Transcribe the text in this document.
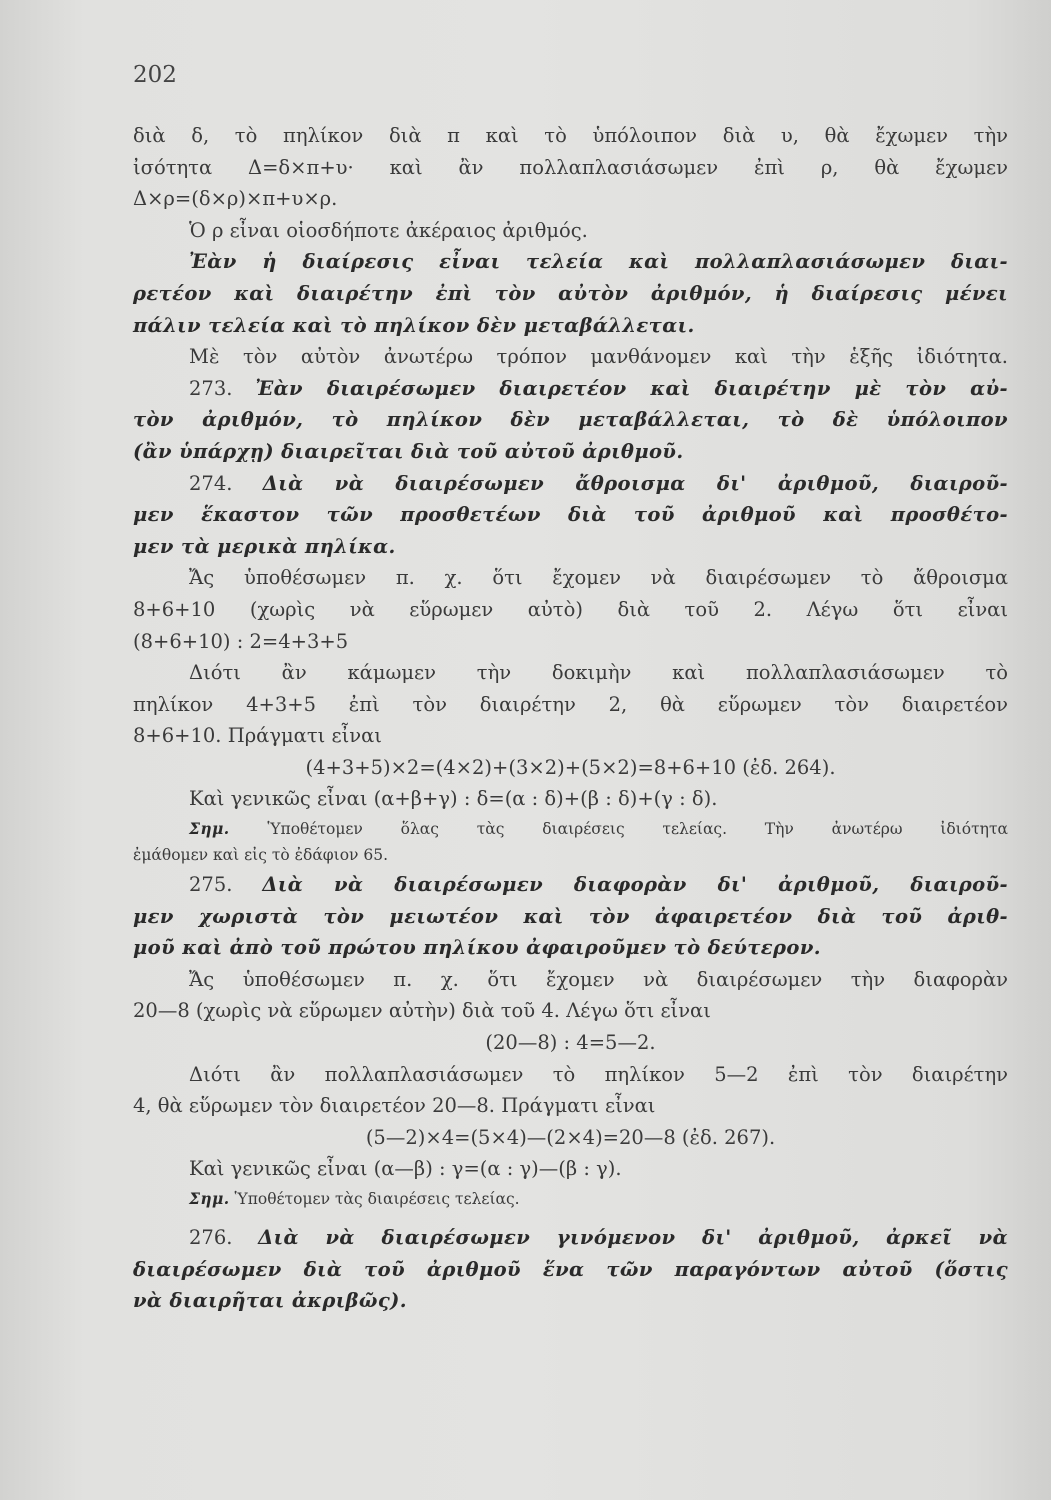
202
διὰ δ, τὸ πηλίκον διὰ π καὶ τὸ ὑπόλοιπον διὰ υ, θὰ ἔχωμεν τὴν
ἰσότητα Δ=δ×π+υ· καὶ ἂν πολλαπλασιάσωμεν ἐπὶ ρ, θὰ ἔχωμεν
Δ×ρ=(δ×ρ)×π+υ×ρ.
Ὁ ρ εἶναι οἱοσδήποτε ἀκέραιος ἀριθμός.
Ἐὰν ἡ διαίρεσις εἶναι τελεία καὶ πολλαπλασιάσωμεν διαι-
ρετέον καὶ διαιρέτην ἐπὶ τὸν αὐτὸν ἀριθμόν, ἡ διαίρεσις μένει
πάλιν τελεία καὶ τὸ πηλίκον δὲν μεταβάλλεται.
Μὲ τὸν αὐτὸν ἀνωτέρω τρόπον μανθάνομεν καὶ τὴν ἑξῆς ἰδιότητα.
273. Ἐὰν διαιρέσωμεν διαιρετέον καὶ διαιρέτην μὲ τὸν αὐ-
τὸν ἀριθμόν, τὸ πηλίκον δὲν μεταβάλλεται, τὸ δὲ ὑπόλοιπον
(ἂν ὑπάρχῃ) διαιρεῖται διὰ τοῦ αὐτοῦ ἀριθμοῦ.
274. Διὰ νὰ διαιρέσωμεν ἄθροισμα δι' ἀριθμοῦ, διαιροῦ-
μεν ἕκαστον τῶν προσθετέων διὰ τοῦ ἀριθμοῦ καὶ προσθέτο-
μεν τὰ μερικὰ πηλίκα.
Ἄς ὑποθέσωμεν π. χ. ὅτι ἔχομεν νὰ διαιρέσωμεν τὸ ἄθροισμα
8+6+10 (χωρὶς νὰ εὕρωμεν αὐτὸ) διὰ τοῦ 2. Λέγω ὅτι εἶναι
(8+6+10) : 2=4+3+5
Διότι ἂν κάμωμεν τὴν δοκιμὴν καὶ πολλαπλασιάσωμεν τὸ
πηλίκον 4+3+5 ἐπὶ τὸν διαιρέτην 2, θὰ εὕρωμεν τὸν διαιρετέον
8+6+10. Πράγματι εἶναι
(4+3+5)×2=(4×2)+(3×2)+(5×2)=8+6+10 (ἐδ. 264).
Καὶ γενικῶς εἶναι (α+β+γ) : δ=(α : δ)+(β : δ)+(γ : δ).
Σημ. Ὑποθέτομεν ὅλας τὰς διαιρέσεις τελείας. Τὴν ἀνωτέρω ἰδιότητα
ἐμάθομεν καὶ εἰς τὸ ἐδάφιον 65.
275. Διὰ νὰ διαιρέσωμεν διαφορὰν δι' ἀριθμοῦ, διαιροῦ-
μεν χωριστὰ τὸν μειωτέον καὶ τὸν ἀφαιρετέον διὰ τοῦ ἀριθ-
μοῦ καὶ ἀπὸ τοῦ πρώτου πηλίκου ἀφαιροῦμεν τὸ δεύτερον.
Ἄς ὑποθέσωμεν π. χ. ὅτι ἔχομεν νὰ διαιρέσωμεν τὴν διαφορὰν
20—8 (χωρὶς νὰ εὕρωμεν αὐτὴν) διὰ τοῦ 4. Λέγω ὅτι εἶναι
(20—8) : 4=5—2.
Διότι ἂν πολλαπλασιάσωμεν τὸ πηλίκον 5—2 ἐπὶ τὸν διαιρέτην
4, θὰ εὕρωμεν τὸν διαιρετέον 20—8. Πράγματι εἶναι
(5—2)×4=(5×4)—(2×4)=20—8 (ἐδ. 267).
Καὶ γενικῶς εἶναι (α—β) : γ=(α : γ)—(β : γ).
Σημ. Ὑποθέτομεν τὰς διαιρέσεις τελείας.
276. Διὰ νὰ διαιρέσωμεν γινόμενον δι' ἀριθμοῦ, ἀρκεῖ νὰ
διαιρέσωμεν διὰ τοῦ ἀριθμοῦ ἕνα τῶν παραγόντων αὐτοῦ (ὅστις
νὰ διαιρῆται ἀκριβῶς).
